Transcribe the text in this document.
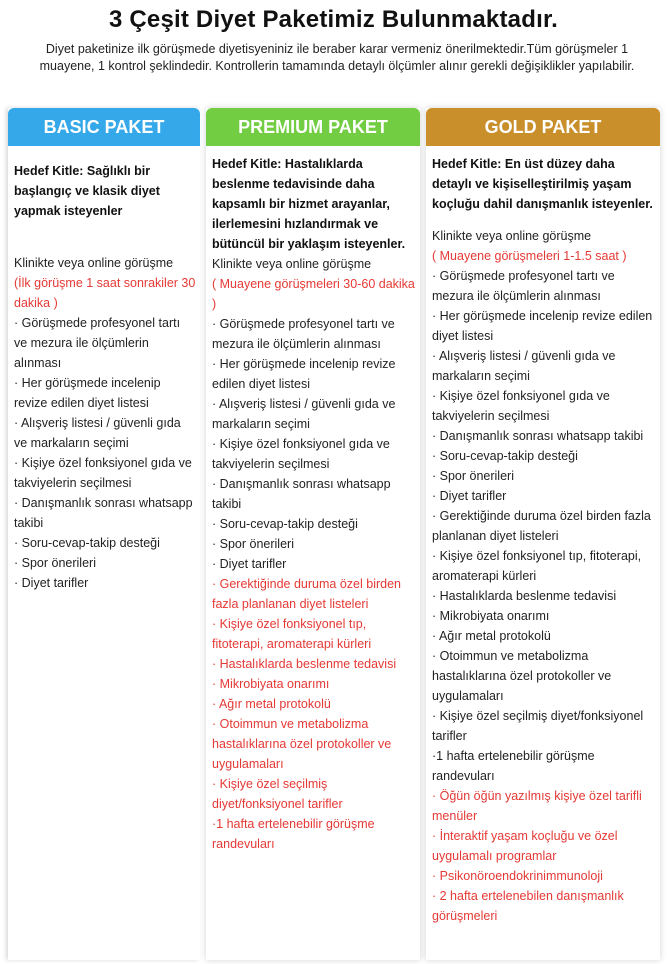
3 Çeşit Diyet Paketimiz Bulunmaktadır.
Diyet paketinize ilk görüşmede diyetisyeniniz ile beraber karar vermeniz önerilmektedir.Tüm görüşmeler 1 muayene, 1 kontrol şeklindedir. Kontrollerin tamamında detaylı ölçümler alınır gerekli değişiklikler yapılabilir.
BASIC PAKET
Hedef Kitle: Sağlıklı bir başlangıç ve klasik diyet yapmak isteyenler
Klinikte veya online görüşme
(İlk görüşme 1 saat sonrakiler 30 dakika )
· Görüşmede profesyonel tartı ve mezura ile ölçümlerin alınması
· Her görüşmede incelenip revize edilen diyet listesi
· Alışveriş listesi / güvenli gıda ve markaların seçimi
· Kişiye özel fonksiyonel gıda ve takviyelerin seçilmesi
· Danışmanlık sonrası whatsapp takibi
· Soru-cevap-takip desteği
· Spor önerileri
· Diyet tarifler
PREMIUM PAKET
Hedef Kitle: Hastalıklarda beslenme tedavisinde daha kapsamlı bir hizmet arayanlar, ilerlemesini hızlandırmak ve bütüncül bir yaklaşım isteyenler.
Klinikte veya online görüşme
( Muayene görüşmeleri 30-60 dakika )
· Görüşmede profesyonel tartı ve mezura ile ölçümlerin alınması
· Her görüşmede incelenip revize edilen diyet listesi
· Alışveriş listesi / güvenli gıda ve markaların seçimi
· Kişiye özel fonksiyonel gıda ve takviyelerin seçilmesi
· Danışmanlık sonrası whatsapp takibi
· Soru-cevap-takip desteği
· Spor önerileri
· Diyet tarifler
· Gerektiğinde duruma özel birden fazla planlanan diyet listeleri
· Kişiye özel fonksiyonel tıp, fitoterapi, aromaterapi kürleri
· Hastalıklarda beslenme tedavisi
· Mikrobiyata onarımı
· Ağır metal protokolü
· Otoimmun ve metabolizma hastalıklarına özel protokoller ve uygulamaları
· Kişiye özel seçilmiş diyet/fonksiyonel tarifler
·1 hafta ertelenebilir görüşme randevuları
GOLD PAKET
Hedef Kitle: En üst düzey daha detaylı ve kişiselleştirilmiş yaşam koçluğu dahil danışmanlık isteyenler.
Klinikte veya online görüşme
( Muayene görüşmeleri 1-1.5 saat )
· Görüşmede profesyonel tartı ve mezura ile ölçümlerin alınması
· Her görüşmede incelenip revize edilen diyet listesi
· Alışveriş listesi / güvenli gıda ve markaların seçimi
· Kişiye özel fonksiyonel gıda ve takviyelerin seçilmesi
· Danışmanlık sonrası whatsapp takibi
· Soru-cevap-takip desteği
· Spor önerileri
· Diyet tarifler
· Gerektiğinde duruma özel birden fazla planlanan diyet listeleri
· Kişiye özel fonksiyonel tıp, fitoterapi, aromaterapi kürleri
· Hastalıklarda beslenme tedavisi
· Mikrobiyata onarımı
· Ağır metal protokolü
· Otoimmun ve metabolizma hastalıklarına özel protokoller ve uygulamaları
· Kişiye özel seçilmiş diyet/fonksiyonel tarifler
·1 hafta ertelenebilir görüşme randevuları
· Öğün öğün yazılmış kişiye özel tarifli menüler
· İnteraktif yaşam koçluğu ve özel uygulamalı programlar
· Psikonöroendokrinimmunoloji
· 2 hafta ertelenebilen danışmanlık görüşmeleri
